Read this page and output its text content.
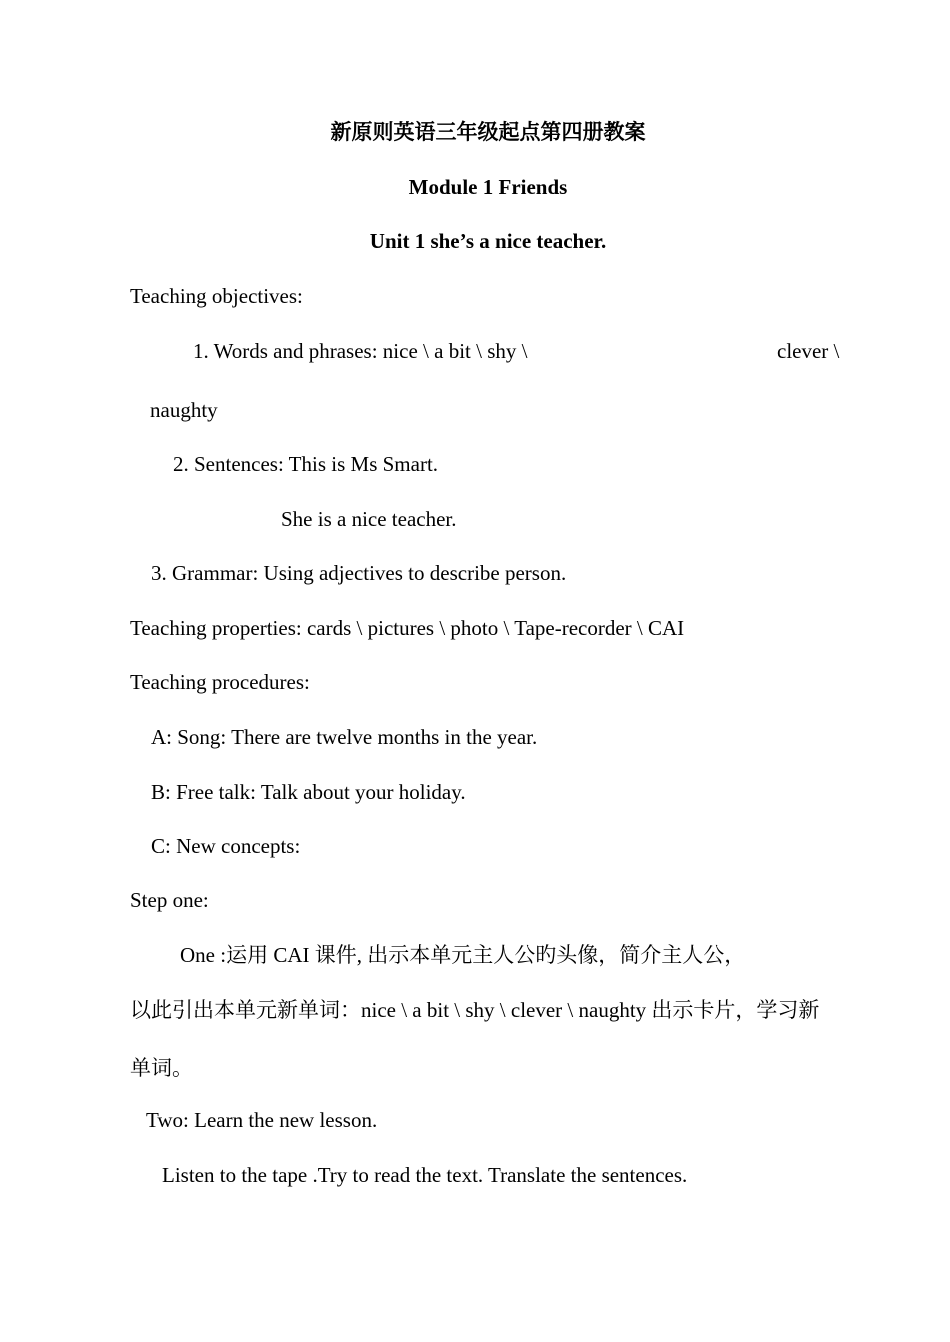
新原则英语三年级起点第四册教案
Module 1 Friends
Unit 1 she’s a nice teacher.
Teaching objectives:
1. Words and phrases: nice \ a bit \ shy \	clever \
naughty
2. Sentences: This is Ms Smart.
She is a nice teacher.
3. Grammar: Using adjectives to describe person.
Teaching properties: cards \ pictures \ photo \ Tape-recorder \ CAI
Teaching procedures:
A: Song: There are twelve months in the year.
B: Free talk: Talk about your holiday.
C: New concepts:
Step one:
One :运用 CAI 课件, 出示本单元主人公旳头像，简介主人公，
以此引出本单元新单词：nice \ a bit \ shy \ clever \ naughty 出示卡片，学习新
单词。
Two: Learn the new lesson.
Listen to the tape .Try to read the text. Translate the sentences.
